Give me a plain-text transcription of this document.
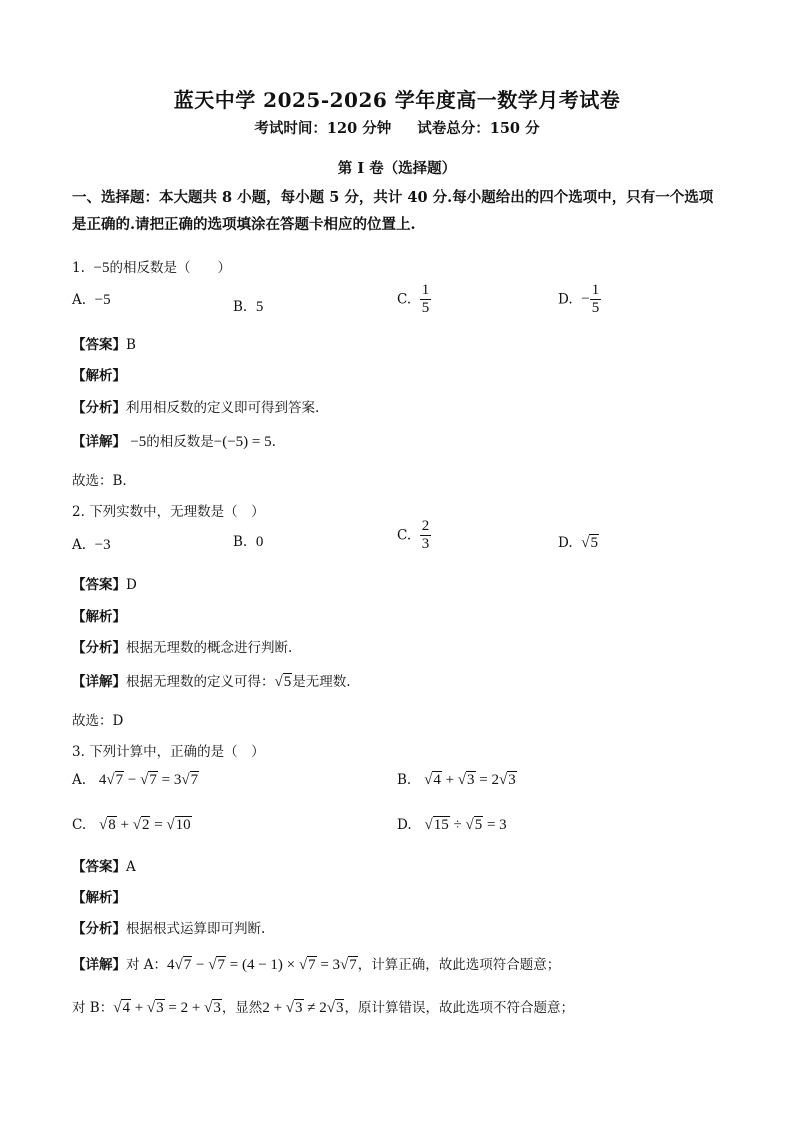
蓝天中学 2025-2026 学年度高一数学月考试卷
考试时间：120 分钟 试卷总分：150 分
第 I 卷（选择题）
一、选择题：本大题共 8 小题，每小题 5 分，共计 40 分.每小题给出的四个选项中，只有一个选项是正确的.请把正确的选项填涂在答题卡相应的位置上.
1. −5的相反数是（　　）
A. −5	B. 5	C. $\frac{1}{5}$	D. − $\frac{1}{5}$
【答案】B
【解析】
【分析】利用相反数的定义即可得到答案.
【详解】 −5的相反数是−(−5) = 5.
故选：B.
2. 下列实数中，无理数是（　）
A. −3	B. 0	C. $\frac{2}{3}$	D. √5
【答案】D
【解析】
【分析】根据无理数的概念进行判断.
【详解】根据无理数的定义可得：√5是无理数.
故选：D
3. 下列计算中，正确的是（　）
A. 4√7 − √7 = 3√7	B. √4 + √3 = 2√3
C. √8 + √2 = √10	D. √15 ÷ √5 = 3
【答案】A
【解析】
【分析】根据根式运算即可判断.
【详解】对 A：4√7 − √7 = (4 − 1) × √7 = 3√7，计算正确，故此选项符合题意；
对 B：√4 + √3 = 2 + √3，显然2 + √3 ≠ 2√3，原计算错误，故此选项不符合题意；
